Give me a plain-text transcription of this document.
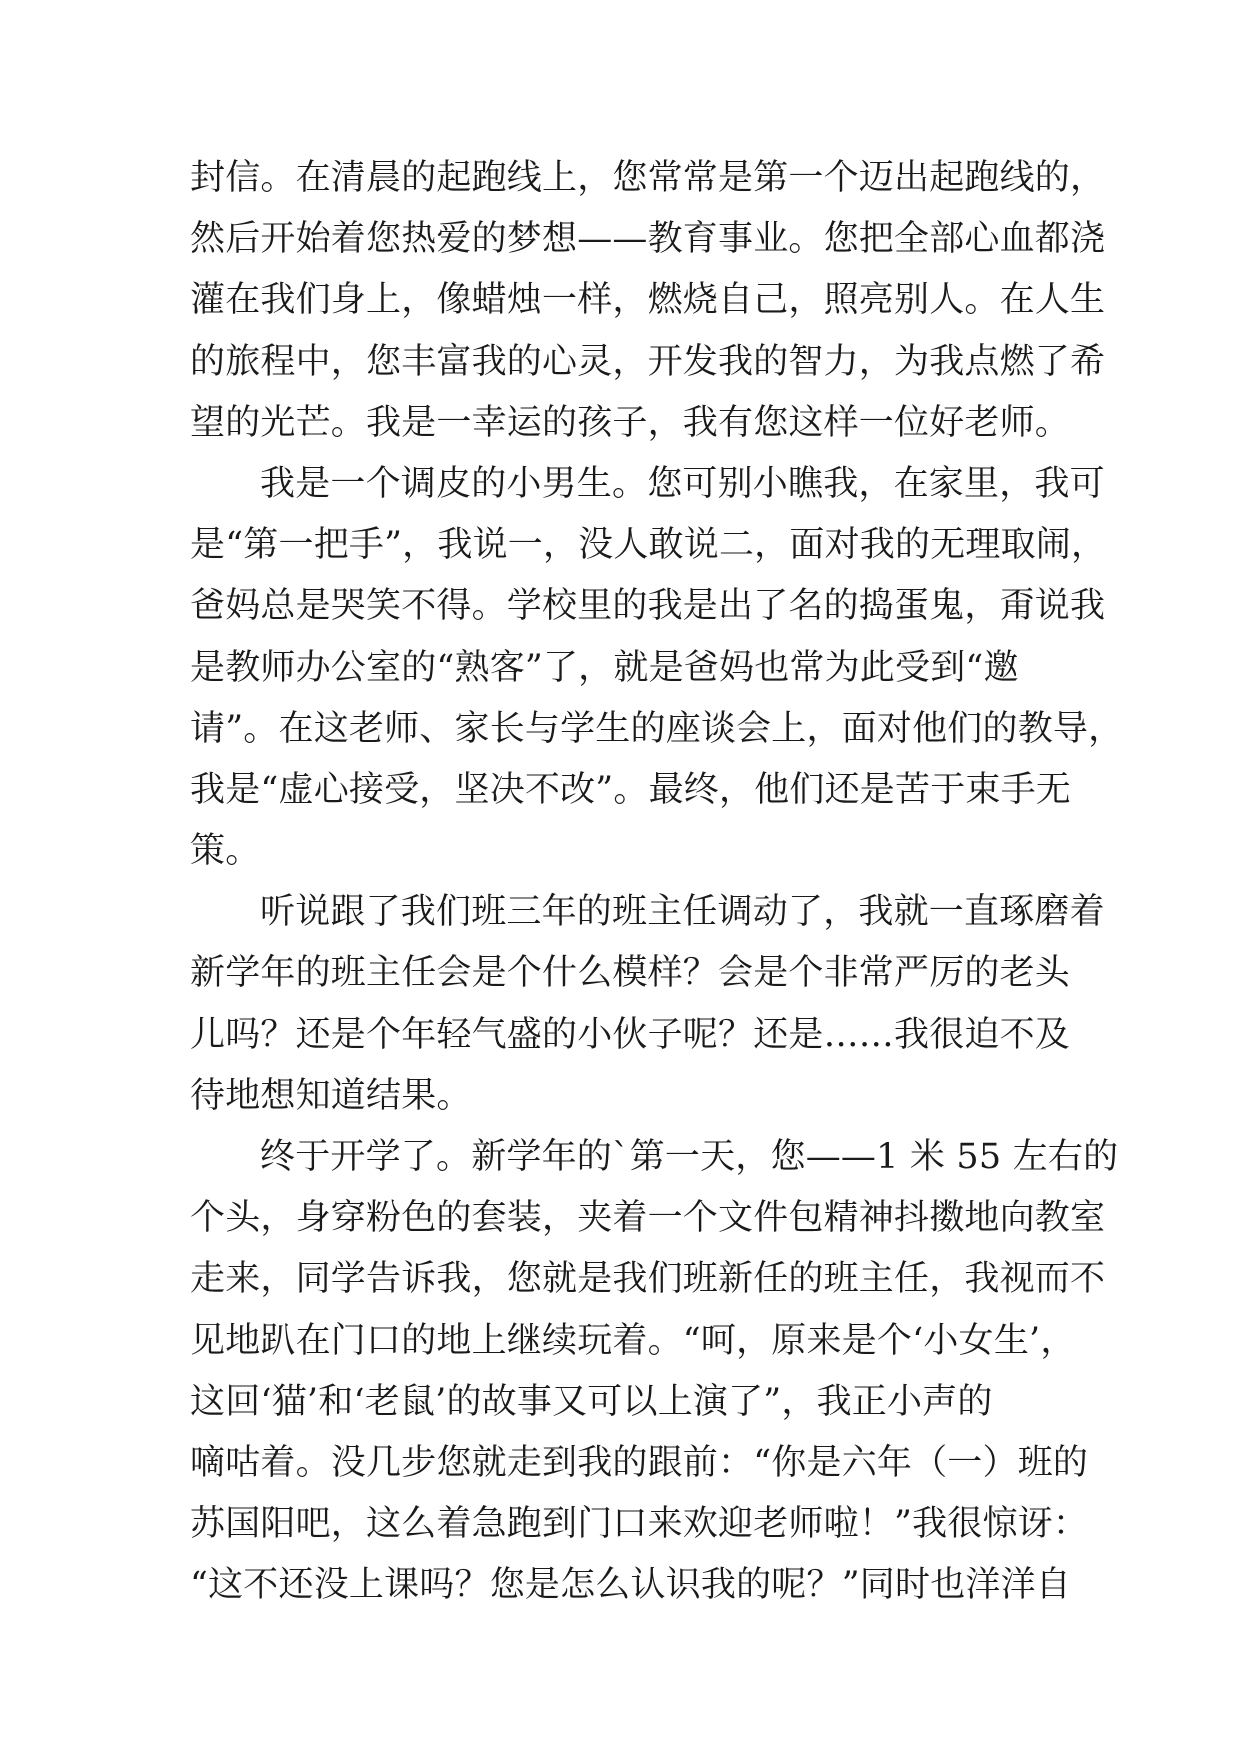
封信。在清晨的起跑线上，您常常是第一个迈出起跑线的，
然后开始着您热爱的梦想——教育事业。您把全部心血都浇
灌在我们身上，像蜡烛一样，燃烧自己，照亮别人。在人生
的旅程中，您丰富我的心灵，开发我的智力，为我点燃了希
望的光芒。我是一幸运的孩子，我有您这样一位好老师。
我是一个调皮的小男生。您可别小瞧我，在家里，我可
是“第一把手”，我说一，没人敢说二，面对我的无理取闹，
爸妈总是哭笑不得。学校里的我是出了名的捣蛋鬼，甭说我
是教师办公室的“熟客”了，就是爸妈也常为此受到“邀
请”。在这老师、家长与学生的座谈会上，面对他们的教导，
我是“虚心接受，坚决不改”。最终，他们还是苦于束手无
策。
听说跟了我们班三年的班主任调动了，我就一直琢磨着
新学年的班主任会是个什么模样？会是个非常严厉的老头
儿吗？还是个年轻气盛的小伙子呢？还是……我很迫不及
待地想知道结果。
终于开学了。新学年的`第一天，您——1 米 55 左右的
个头，身穿粉色的套装，夹着一个文件包精神抖擞地向教室
走来，同学告诉我，您就是我们班新任的班主任，我视而不
见地趴在门口的地上继续玩着。“呵，原来是个‘小女生’，
这回‘猫’和‘老鼠’的故事又可以上演了”，我正小声的
嘀咕着。没几步您就走到我的跟前：“你是六年（一）班的
苏国阳吧，这么着急跑到门口来欢迎老师啦！”我很惊讶：
“这不还没上课吗？您是怎么认识我的呢？”同时也洋洋自
